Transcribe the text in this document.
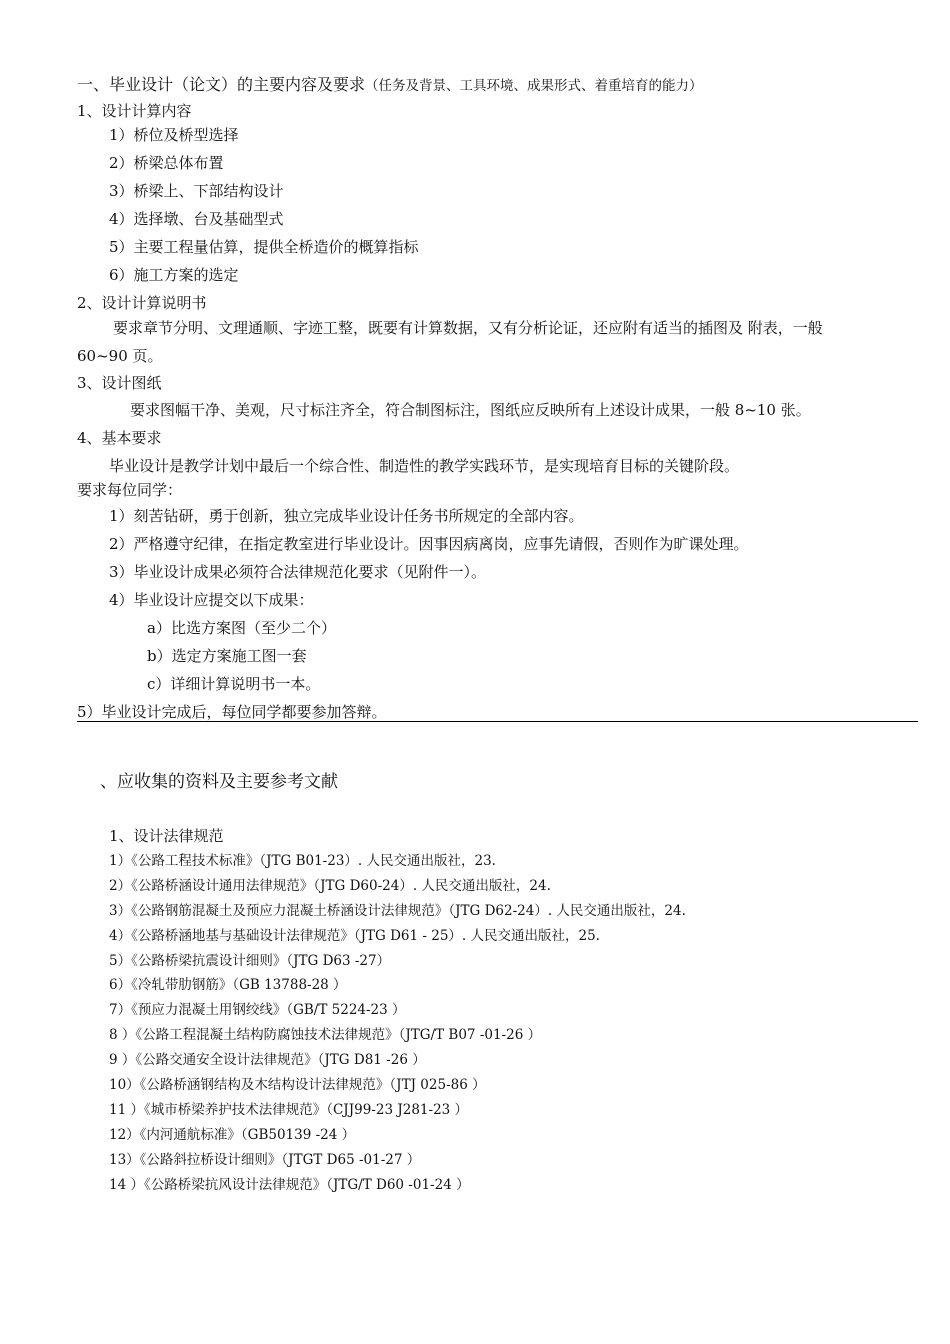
一、毕业设计（论文）的主要内容及要求（任务及背景、工具环境、成果形式、着重培育的能力）
1、设计计算内容
1）桥位及桥型选择
2）桥梁总体布置
3）桥梁上、下部结构设计
4）选择墩、台及基础型式
5）主要工程量估算，提供全桥造价的概算指标
6）施工方案的选定
2、设计计算说明书
要求章节分明、文理通顺、字迹工整，既要有计算数据，又有分析论证，还应附有适当的插图及 附表，一般
60~90 页。
3、设计图纸
要求图幅干净、美观，尺寸标注齐全，符合制图标注，图纸应反映所有上述设计成果，一般 8~10 张。
4、基本要求
毕业设计是教学计划中最后一个综合性、制造性的教学实践环节，是实现培育目标的关键阶段。
要求每位同学：
1）刻苦钻研，勇于创新，独立完成毕业设计任务书所规定的全部内容。
2）严格遵守纪律，在指定教室进行毕业设计。因事因病离岗，应事先请假，否则作为旷课处理。
3）毕业设计成果必须符合法律规范化要求（见附件一）。
4）毕业设计应提交以下成果：
a）比选方案图（至少二个）
b）选定方案施工图一套
c）详细计算说明书一本。
5）毕业设计完成后，每位同学都要参加答辩。
、应收集的资料及主要参考文献
1、设计法律规范
1）《公路工程技术标准》（JTG B01-23）. 人民交通出版社，23.
2）《公路桥涵设计通用法律规范》（JTG D60-24）. 人民交通出版社，24.
3）《公路钢筋混凝土及预应力混凝土桥涵设计法律规范》（JTG D62-24）. 人民交通出版社，24.
4）《公路桥涵地基与基础设计法律规范》（JTG D61 - 25）. 人民交通出版社，25.
5）《公路桥梁抗震设计细则》（JTG D63 -27）
6）《冷轧带肋钢筋》（GB 13788-28 ）
7）《预应力混凝土用钢绞线》（GB/T 5224-23 ）
8 ）《公路工程混凝土结构防腐蚀技术法律规范》（JTG/T B07 -01-26 ）
9 ）《公路交通安全设计法律规范》（JTG D81 -26 ）
10）《公路桥涵钢结构及木结构设计法律规范》（JTJ 025-86 ）
11 ）《城市桥梁养护技术法律规范》（CJJ99-23 J281-23 ）
12）《内河通航标准》（GB50139 -24 ）
13）《公路斜拉桥设计细则》（JTGT D65 -01-27 ）
14 ）《公路桥梁抗风设计法律规范》（JTG/T D60 -01-24 ）
